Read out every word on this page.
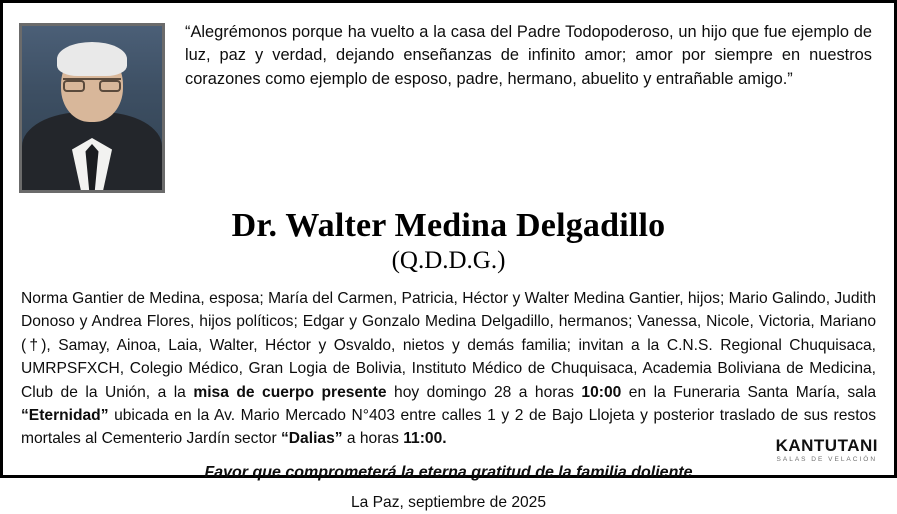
“Alegrémonos porque ha vuelto a la casa del Padre Todopoderoso, un hijo que fue ejemplo de luz, paz y verdad, dejando enseñanzas de infinito amor; amor por siempre en nuestros corazones como ejemplo de esposo, padre, hermano, abuelito y entrañable amigo.”

Dr. Walter Medina Delgadillo
(Q.D.D.G.)
Norma Gantier de Medina, esposa; María del Carmen, Patricia, Héctor y Walter Medina Gantier, hijos; Mario Galindo, Judith Donoso y Andrea Flores, hijos políticos; Edgar y Gonzalo Medina Delgadillo, hermanos; Vanessa, Nicole, Victoria, Mariano (†), Samay, Ainoa, Laia, Walter, Héctor y Osvaldo, nietos y demás familia; invitan a la C.N.S. Regional Chuquisaca, UMRPSFXCH, Colegio Médico, Gran Logia de Bolivia, Instituto Médico de Chuquisaca, Academia Boliviana de Medicina, Club de la Unión, a la misa de cuerpo presente hoy domingo 28 a horas 10:00 en la Funeraria Santa María, sala “Eternidad” ubicada en la Av. Mario Mercado N°403 entre calles 1 y 2 de Bajo Llojeta y posterior traslado de sus restos mortales al Cementerio Jardín sector “Dalias” a horas 11:00.
Favor que comprometerá la eterna gratitud de la familia doliente
La Paz, septiembre de 2025
KANTUTANI
SALAS DE VELACIÓN
